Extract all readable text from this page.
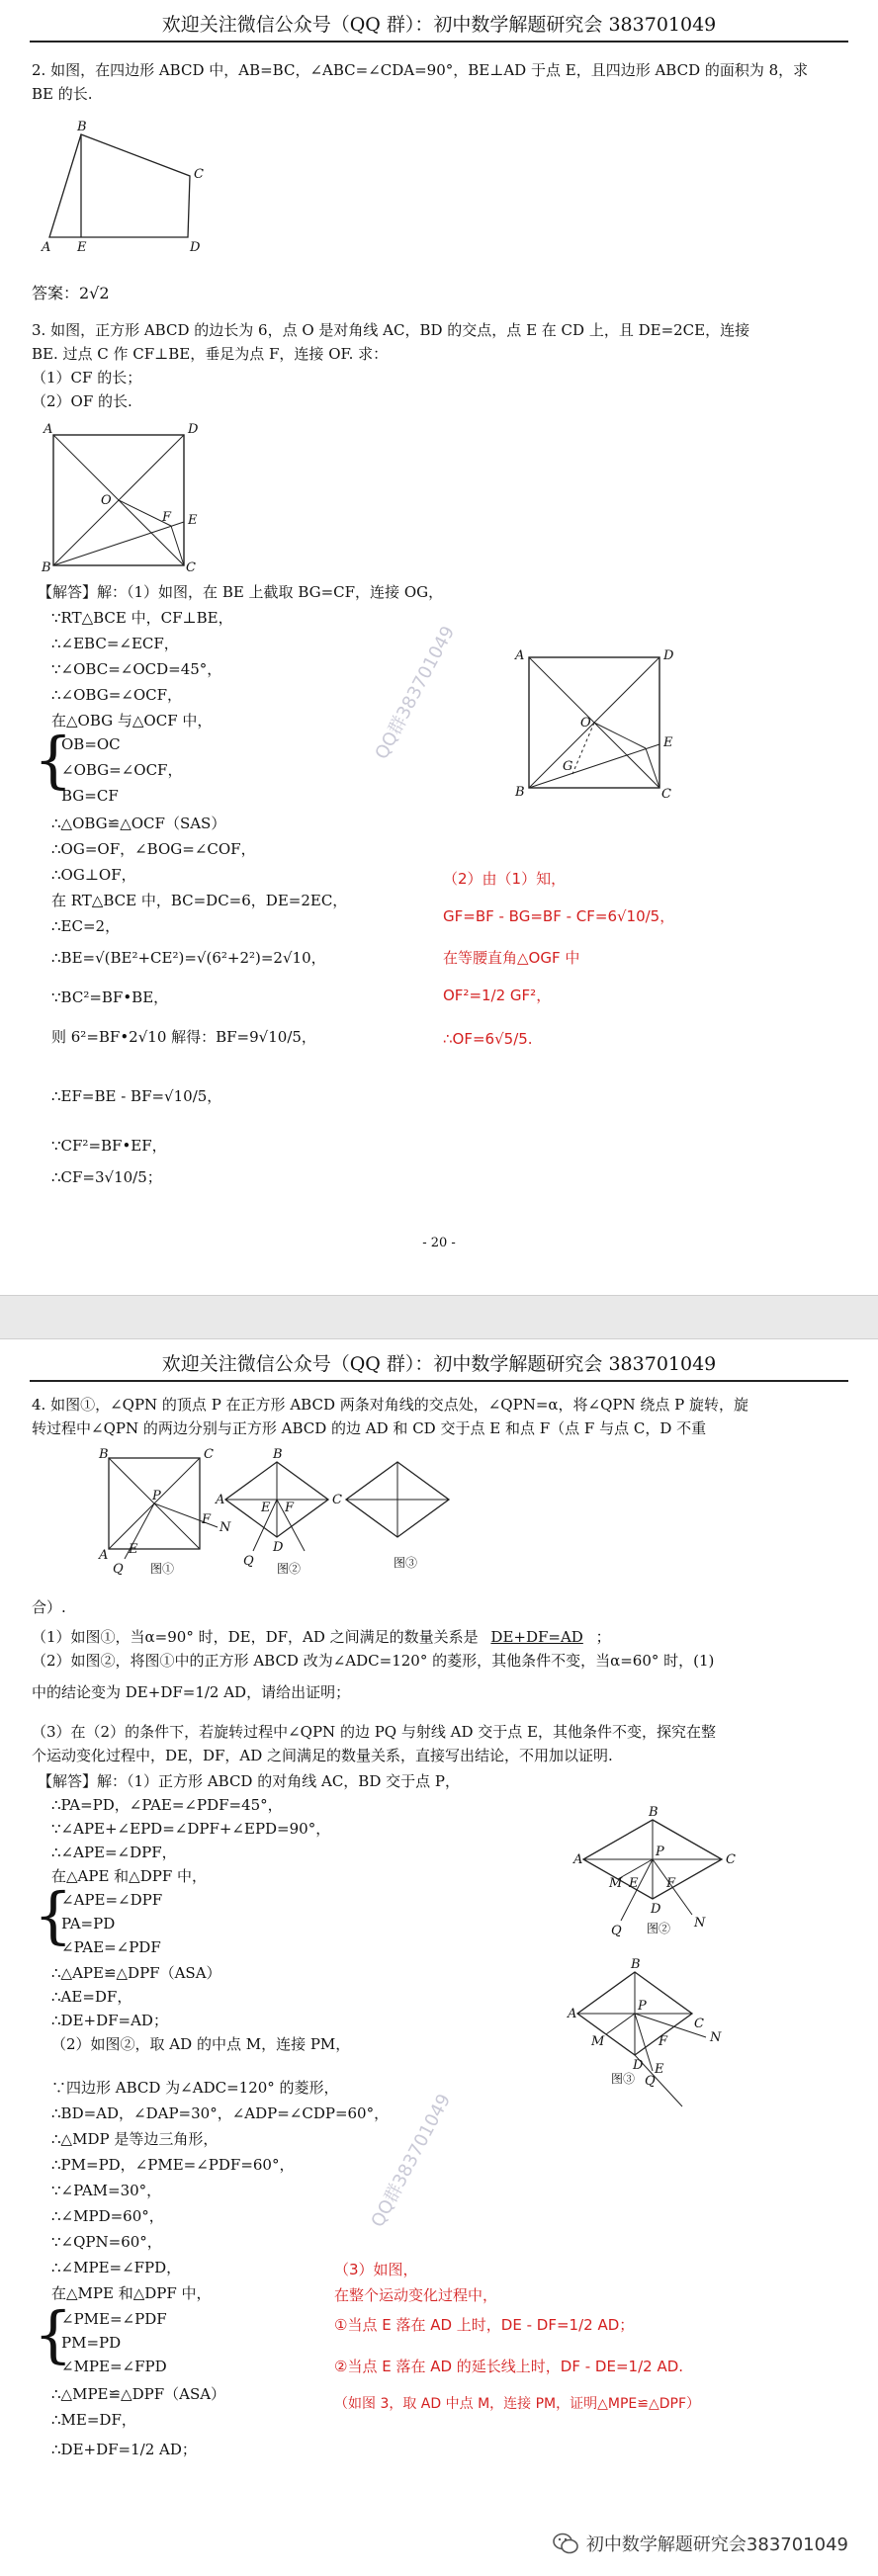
欢迎关注微信公众号（QQ 群）：初中数学解题研究会 383701049
2. 如图，在四边形 ABCD 中，AB=BC，∠ABC=∠CDA=90°，BE⊥AD 于点 E，且四边形 ABCD 的面积为 8，求
BE 的长.
B
C
A E	D
答案：2√2
3. 如图，正方形 ABCD 的边长为 6，点 O 是对角线 AC，BD 的交点，点 E 在 CD 上，且 DE=2CE，连接
BE. 过点 C 作 CF⊥BE，垂足为点 F，连接 OF. 求：
（1）CF 的长；
（2）OF 的长.
A	D
O
F E
B	C
【解答】解：（1）如图，在 BE 上截取 BG=CF，连接 OG，
∵RT△BCE 中，CF⊥BE，
∴∠EBC=∠ECF，
∵∠OBC=∠OCD=45°，
∴∠OBG=∠OCF，
在△OBG 与△OCF 中，
{
OB=OC
∠OBG=∠OCF，
BG=CF
∴△OBG≌△OCF（SAS）
∴OG=OF，∠BOG=∠COF，
∴OG⊥OF，
在 RT△BCE 中，BC=DC=6，DE=2EC，
∴EC=2，
∴BE=√(BE²+CE²)=√(6²+2²)=2√10，
∵BC²=BF•BE，
则 6²=BF•2√10 解得：BF=9√10/5，
∴EF=BE - BF=√10/5，
∵CF²=BF•EF，
∴CF=3√10/5；
A	D
O
G
E
B	C
（2）由（1）知，
GF=BF - BG=BF - CF=6√10/5，
在等腰直角△OGF 中
OF²=1/2 GF²，
∴OF=6√5/5.
QQ群383701049
- 20 -
欢迎关注微信公众号（QQ 群）：初中数学解题研究会 383701049
4. 如图①，∠QPN 的顶点 P 在正方形 ABCD 两条对角线的交点处，∠QPN=α，将∠QPN 绕点 P 旋转，旋
转过程中∠QPN 的两边分别与正方形 ABCD 的边 AD 和 CD 交于点 E 和点 F（点 F 与点 C，D 不重
B	C
P
F
N
A E
Q 图①
B
A	C
E F
Q
D
图②	图③
合）.
（1）如图①，当α=90° 时，DE，DF，AD 之间满足的数量关系是 DE+DF=AD ；
（2）如图②，将图①中的正方形 ABCD 改为∠ADC=120° 的菱形，其他条件不变，当α=60° 时，(1)
中的结论变为 DE+DF=1/2 AD，请给出证明；
（3）在（2）的条件下，若旋转过程中∠QPN 的边 PQ 与射线 AD 交于点 E，其他条件不变，探究在整
个运动变化过程中，DE，DF，AD 之间满足的数量关系，直接写出结论，不用加以证明.
【解答】解：（1）正方形 ABCD 的对角线 AC，BD 交于点 P，
∴PA=PD，∠PAE=∠PDF=45°，
∵∠APE+∠EPD=∠DPF+∠EPD=90°，
∴∠APE=∠DPF，
在△APE 和△DPF 中，
{
∠APE=∠DPF
PA=PD
∠PAE=∠PDF
∴△APE≌△DPF（ASA）
∴AE=DF，
∴DE+DF=AD；
（2）如图②，取 AD 的中点 M，连接 PM，
∵四边形 ABCD 为∠ADC=120° 的菱形，
∴BD=AD，∠DAP=30°，∠ADP=∠CDP=60°，
∴△MDP 是等边三角形，
∴PM=PD，∠PME=∠PDF=60°，
∵∠PAM=30°，
∴∠MPD=60°，
∵∠QPN=60°，
∴∠MPE=∠FPD，
在△MPE 和△DPF 中，
{
∠PME=∠PDF
PM=PD
∠MPE=∠FPD
∴△MPE≌△DPF（ASA）
∴ME=DF，
∴DE+DF=1/2 AD；
B
A	C
P
M E F
D
Q
N
图②
B
A
C
N
P
M	F
D E
Q
图③
（3）如图，
在整个运动变化过程中，
①当点 E 落在 AD 上时，DE - DF=1/2 AD；
②当点 E 落在 AD 的延长线上时，DF - DE=1/2 AD.
（如图 3，取 AD 中点 M，连接 PM，证明△MPE≌△DPF）
QQ群383701049
初中数学解题研究会383701049
